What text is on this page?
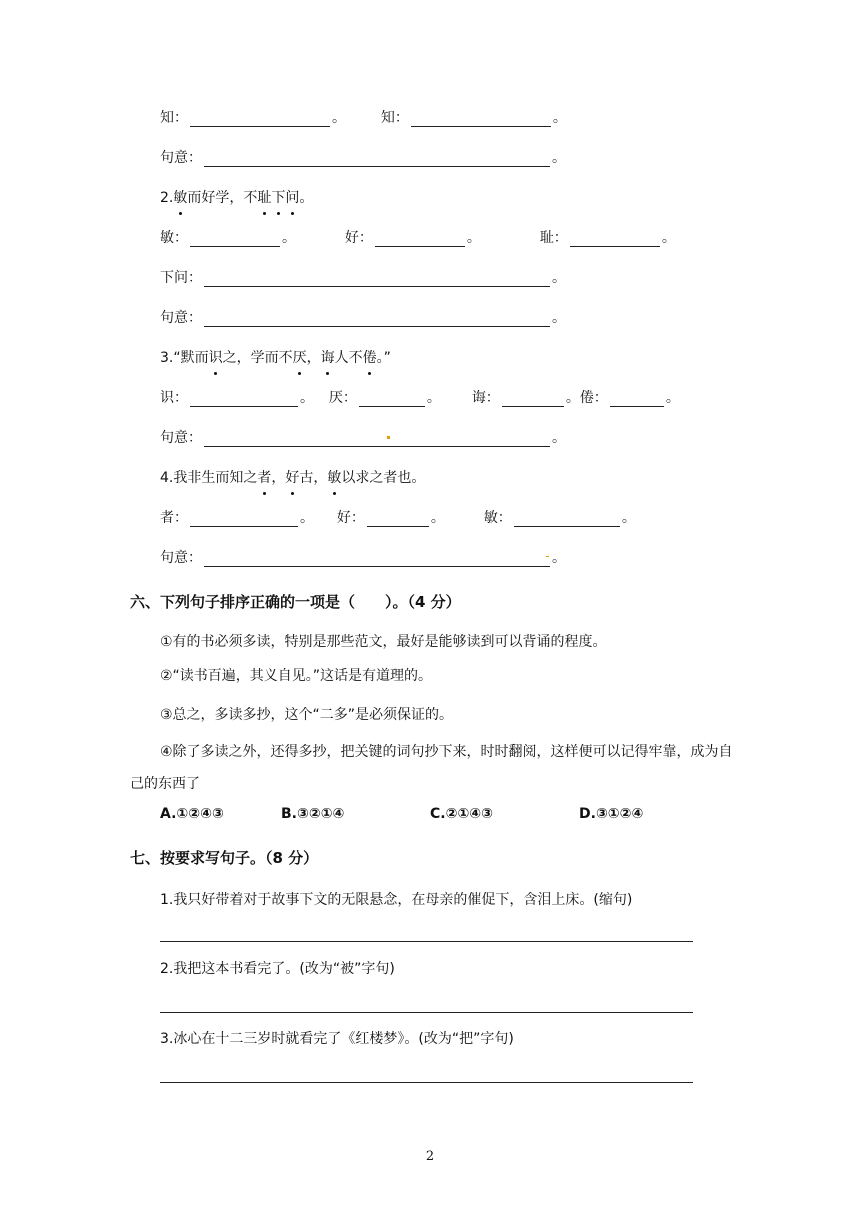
知：	。 知：	。
句意：	。
2.敏而好学，不耻下问。
敏：	。	好：	。	耻：	。
下问：	。
句意：	。
3.“默而识之，学而不厌，诲人不倦。”
识：	。 厌：	。 诲：	。倦：	。
句意：	。
4.我非生而知之者，好古，敏以求之者也。
者：	。 好：	。	敏：	。
句意：	。
六、下列句子排序正确的一项是（　　）。（4 分）
①有的书必须多读，特别是那些范文，最好是能够读到可以背诵的程度。
②“读书百遍，其义自见。”这话是有道理的。
③总之，多读多抄，这个“二多”是必须保证的。
④除了多读之外，还得多抄，把关键的词句抄下来，时时翻阅，这样便可以记得牢靠，成为自己的东西了
A.①②④③	B.③②①④	C.②①④③	D.③①②④
七、按要求写句子。（8 分）
1.我只好带着对于故事下文的无限悬念，在母亲的催促下，含泪上床。(缩句)
2.我把这本书看完了。(改为“被”字句)
3.冰心在十二三岁时就看完了《红楼梦》。(改为“把”字句)
2
